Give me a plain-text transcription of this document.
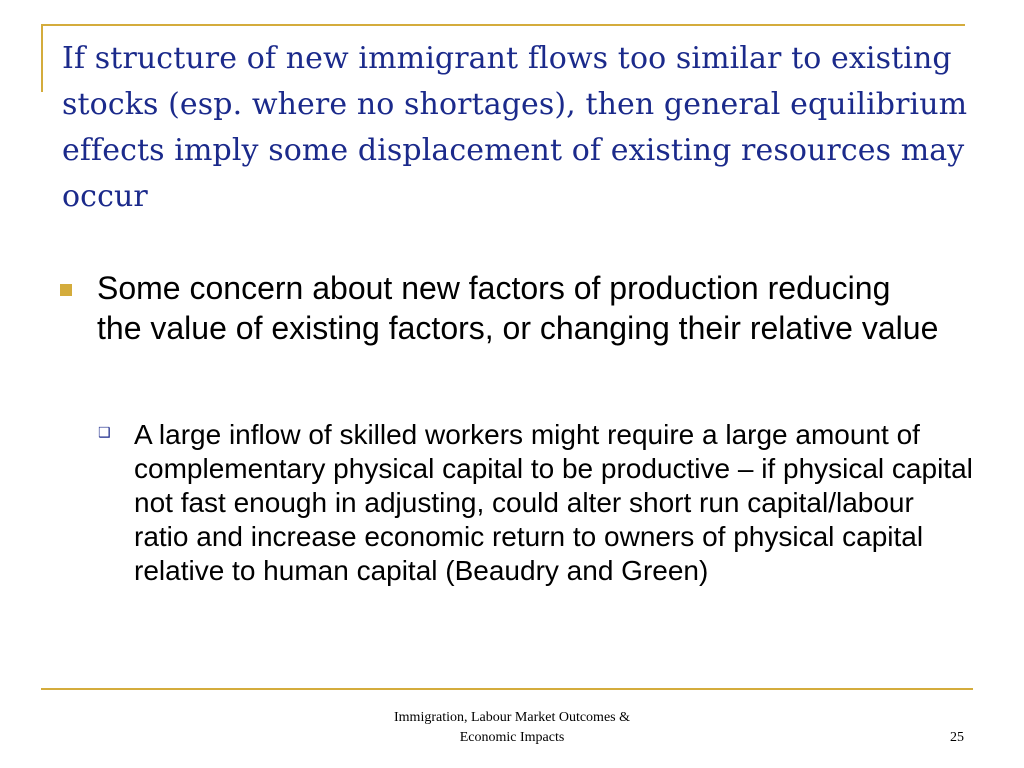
If structure of new immigrant flows too similar to existing stocks (esp. where no shortages), then general equilibrium effects imply some displacement of existing resources may occur
Some concern about new factors of production reducing the value of existing factors, or changing their relative value
❑ A large inflow of skilled workers might require a large amount of complementary physical capital to be productive – if physical capital not fast enough in adjusting, could alter short run capital/labour ratio and increase economic return to owners of physical capital relative to human capital (Beaudry and Green)
Immigration, Labour Market Outcomes &
Economic Impacts	25
